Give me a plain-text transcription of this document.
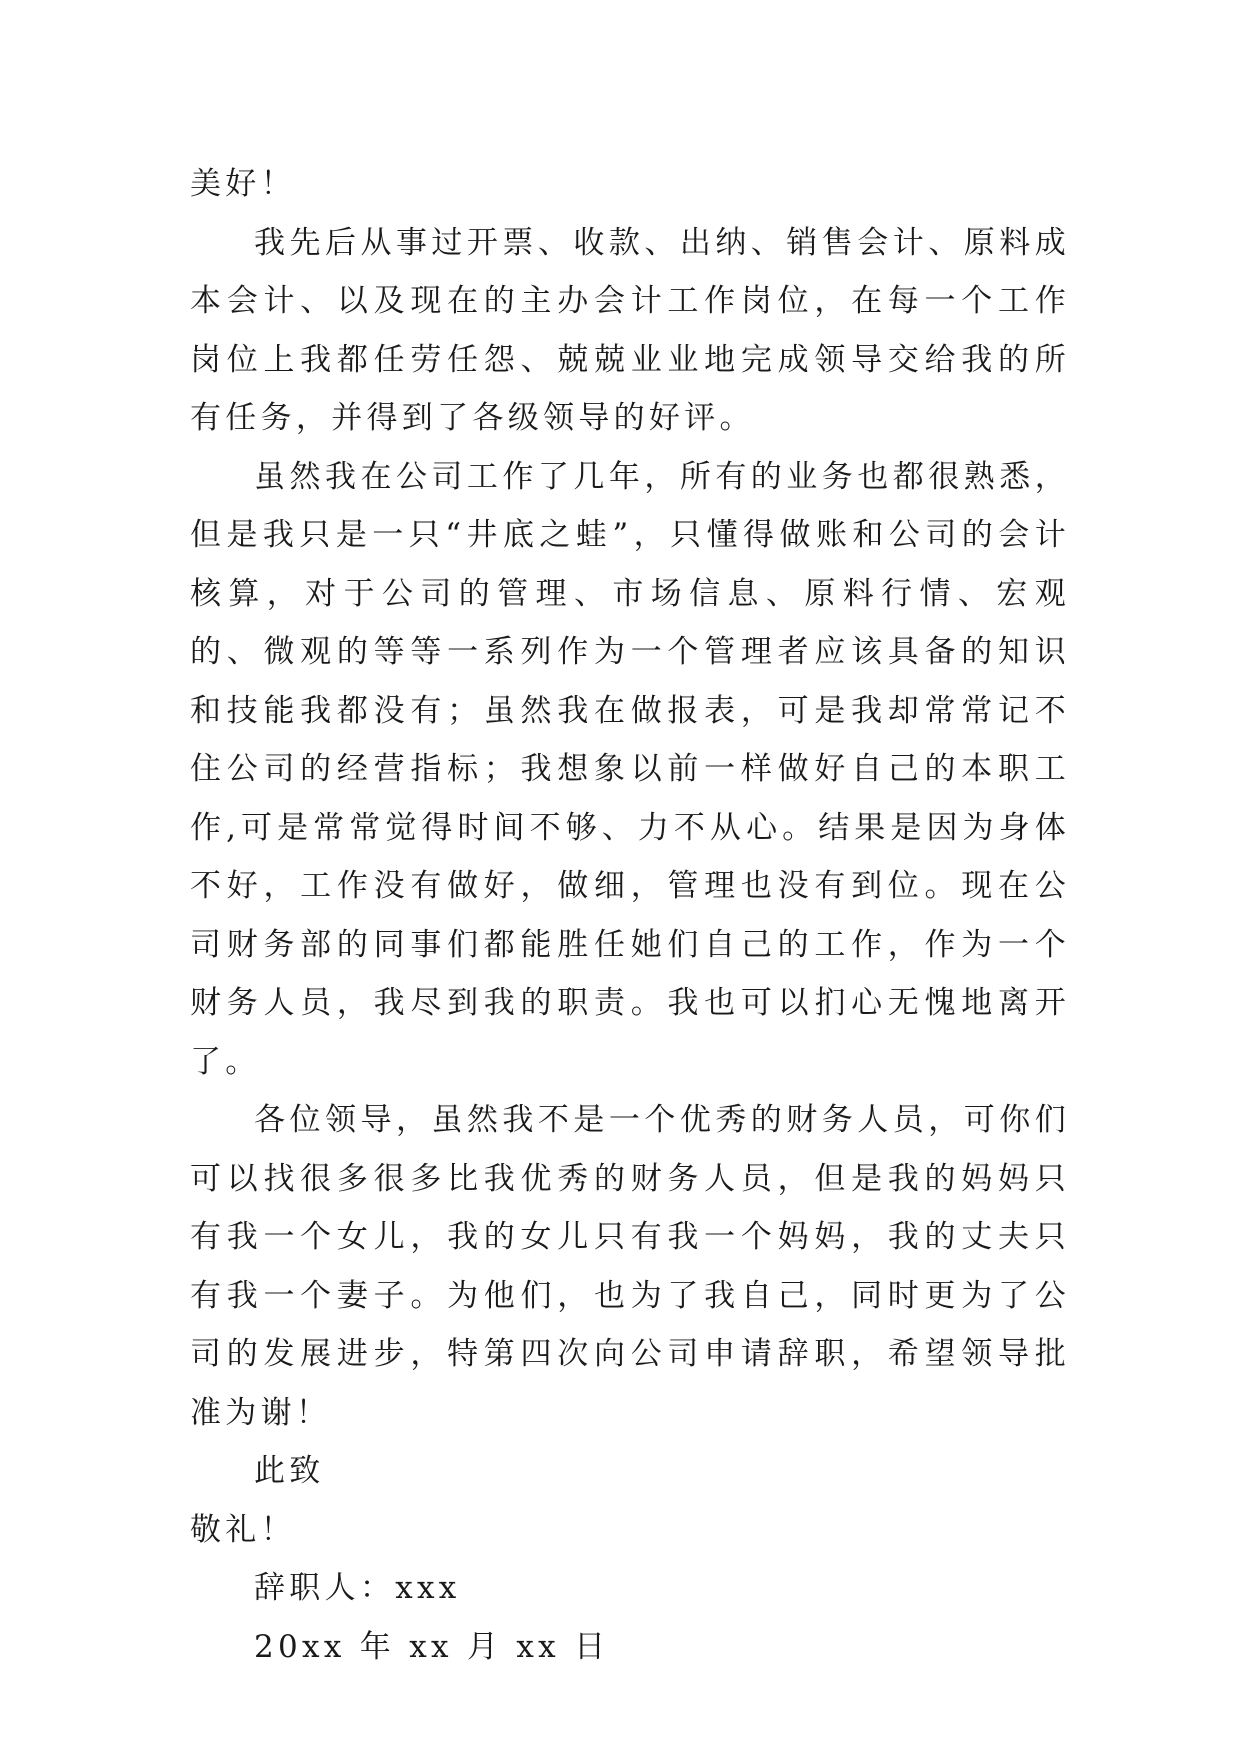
美好！

我先后从事过开票、收款、出纳、销售会计、原料成本会计、以及现在的主办会计工作岗位，在每一个工作岗位上我都任劳任怨、兢兢业业地完成领导交给我的所有任务，并得到了各级领导的好评。

虽然我在公司工作了几年，所有的业务也都很熟悉，但是我只是一只“井底之蛙”，只懂得做账和公司的会计核算，对于公司的管理、市场信息、原料行情、宏观的、微观的等等一系列作为一个管理者应该具备的知识和技能我都没有；虽然我在做报表，可是我却常常记不住公司的经营指标；我想象以前一样做好自己的本职工作,可是常常觉得时间不够、力不从心。结果是因为身体不好，工作没有做好，做细，管理也没有到位。现在公司财务部的同事们都能胜任她们自己的工作，作为一个财务人员，我尽到我的职责。我也可以扪心无愧地离开了。

各位领导，虽然我不是一个优秀的财务人员，可你们可以找很多很多比我优秀的财务人员，但是我的妈妈只有我一个女儿，我的女儿只有我一个妈妈，我的丈夫只有我一个妻子。为他们，也为了我自己，同时更为了公司的发展进步，特第四次向公司申请辞职，希望领导批准为谢！

此致

敬礼！

辞职人：xxx

20xx 年 xx 月 xx 日
